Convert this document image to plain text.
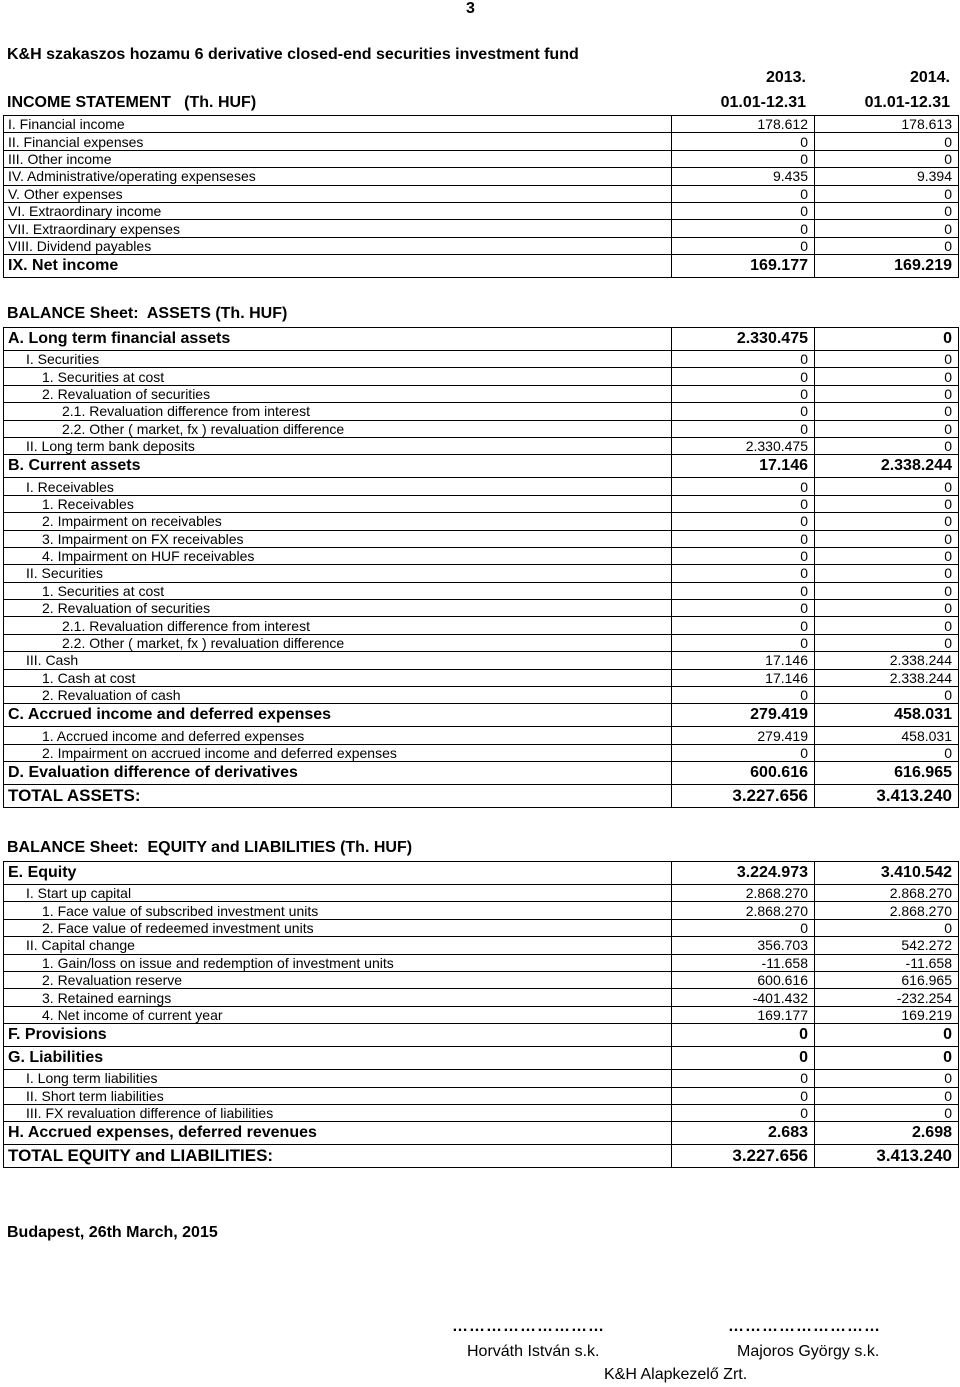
3
K&H szakaszos hozamu 6 derivative closed-end securities investment fund
2013.	2014.
INCOME STATEMENT   (Th. HUF)	01.01-12.31	01.01-12.31
I. Financial income	178.612	178.613
II. Financial expenses	0	0
III. Other income	0	0
IV. Administrative/operating expenseses	9.435	9.394
V. Other expenses	0	0
VI. Extraordinary income	0	0
VII. Extraordinary expenses	0	0
VIII. Dividend payables	0	0
IX. Net income	169.177	169.219
BALANCE Sheet:  ASSETS (Th. HUF)
A. Long term financial assets	2.330.475	0
I. Securities	0	0
1. Securities at cost	0	0
2. Revaluation of securities	0	0
2.1. Revaluation difference from interest	0	0
2.2. Other ( market, fx ) revaluation difference	0	0
II. Long term bank deposits	2.330.475	0
B. Current assets	17.146	2.338.244
I. Receivables	0	0
1. Receivables	0	0
2. Impairment on receivables	0	0
3. Impairment on FX receivables	0	0
4. Impairment on HUF receivables	0	0
II. Securities	0	0
1. Securities at cost	0	0
2. Revaluation of securities	0	0
2.1. Revaluation difference from interest	0	0
2.2. Other ( market, fx ) revaluation difference	0	0
III. Cash	17.146	2.338.244
1. Cash at cost	17.146	2.338.244
2. Revaluation of cash	0	0
C. Accrued income and deferred expenses	279.419	458.031
1. Accrued income and deferred expenses	279.419	458.031
2. Impairment on accrued income and deferred expenses	0	0
D. Evaluation difference of derivatives	600.616	616.965
TOTAL ASSETS:	3.227.656	3.413.240
BALANCE Sheet:  EQUITY and LIABILITIES (Th. HUF)
E. Equity	3.224.973	3.410.542
I. Start up capital	2.868.270	2.868.270
1. Face value of subscribed investment units	2.868.270	2.868.270
2. Face value of redeemed investment units	0	0
II. Capital change	356.703	542.272
1. Gain/loss on issue and redemption of investment units	-11.658	-11.658
2. Revaluation reserve	600.616	616.965
3. Retained earnings	-401.432	-232.254
4. Net income of current year	169.177	169.219
F. Provisions	0	0
G. Liabilities	0	0
I. Long term liabilities	0	0
II. Short term liabilities	0	0
III. FX revaluation difference of liabilities	0	0
H. Accrued expenses, deferred revenues	2.683	2.698
TOTAL EQUITY and LIABILITIES:	3.227.656	3.413.240
Budapest, 26th March, 2015
………………………	………………………
Horváth István s.k.	Majoros György s.k.
K&H Alapkezelő Zrt.
